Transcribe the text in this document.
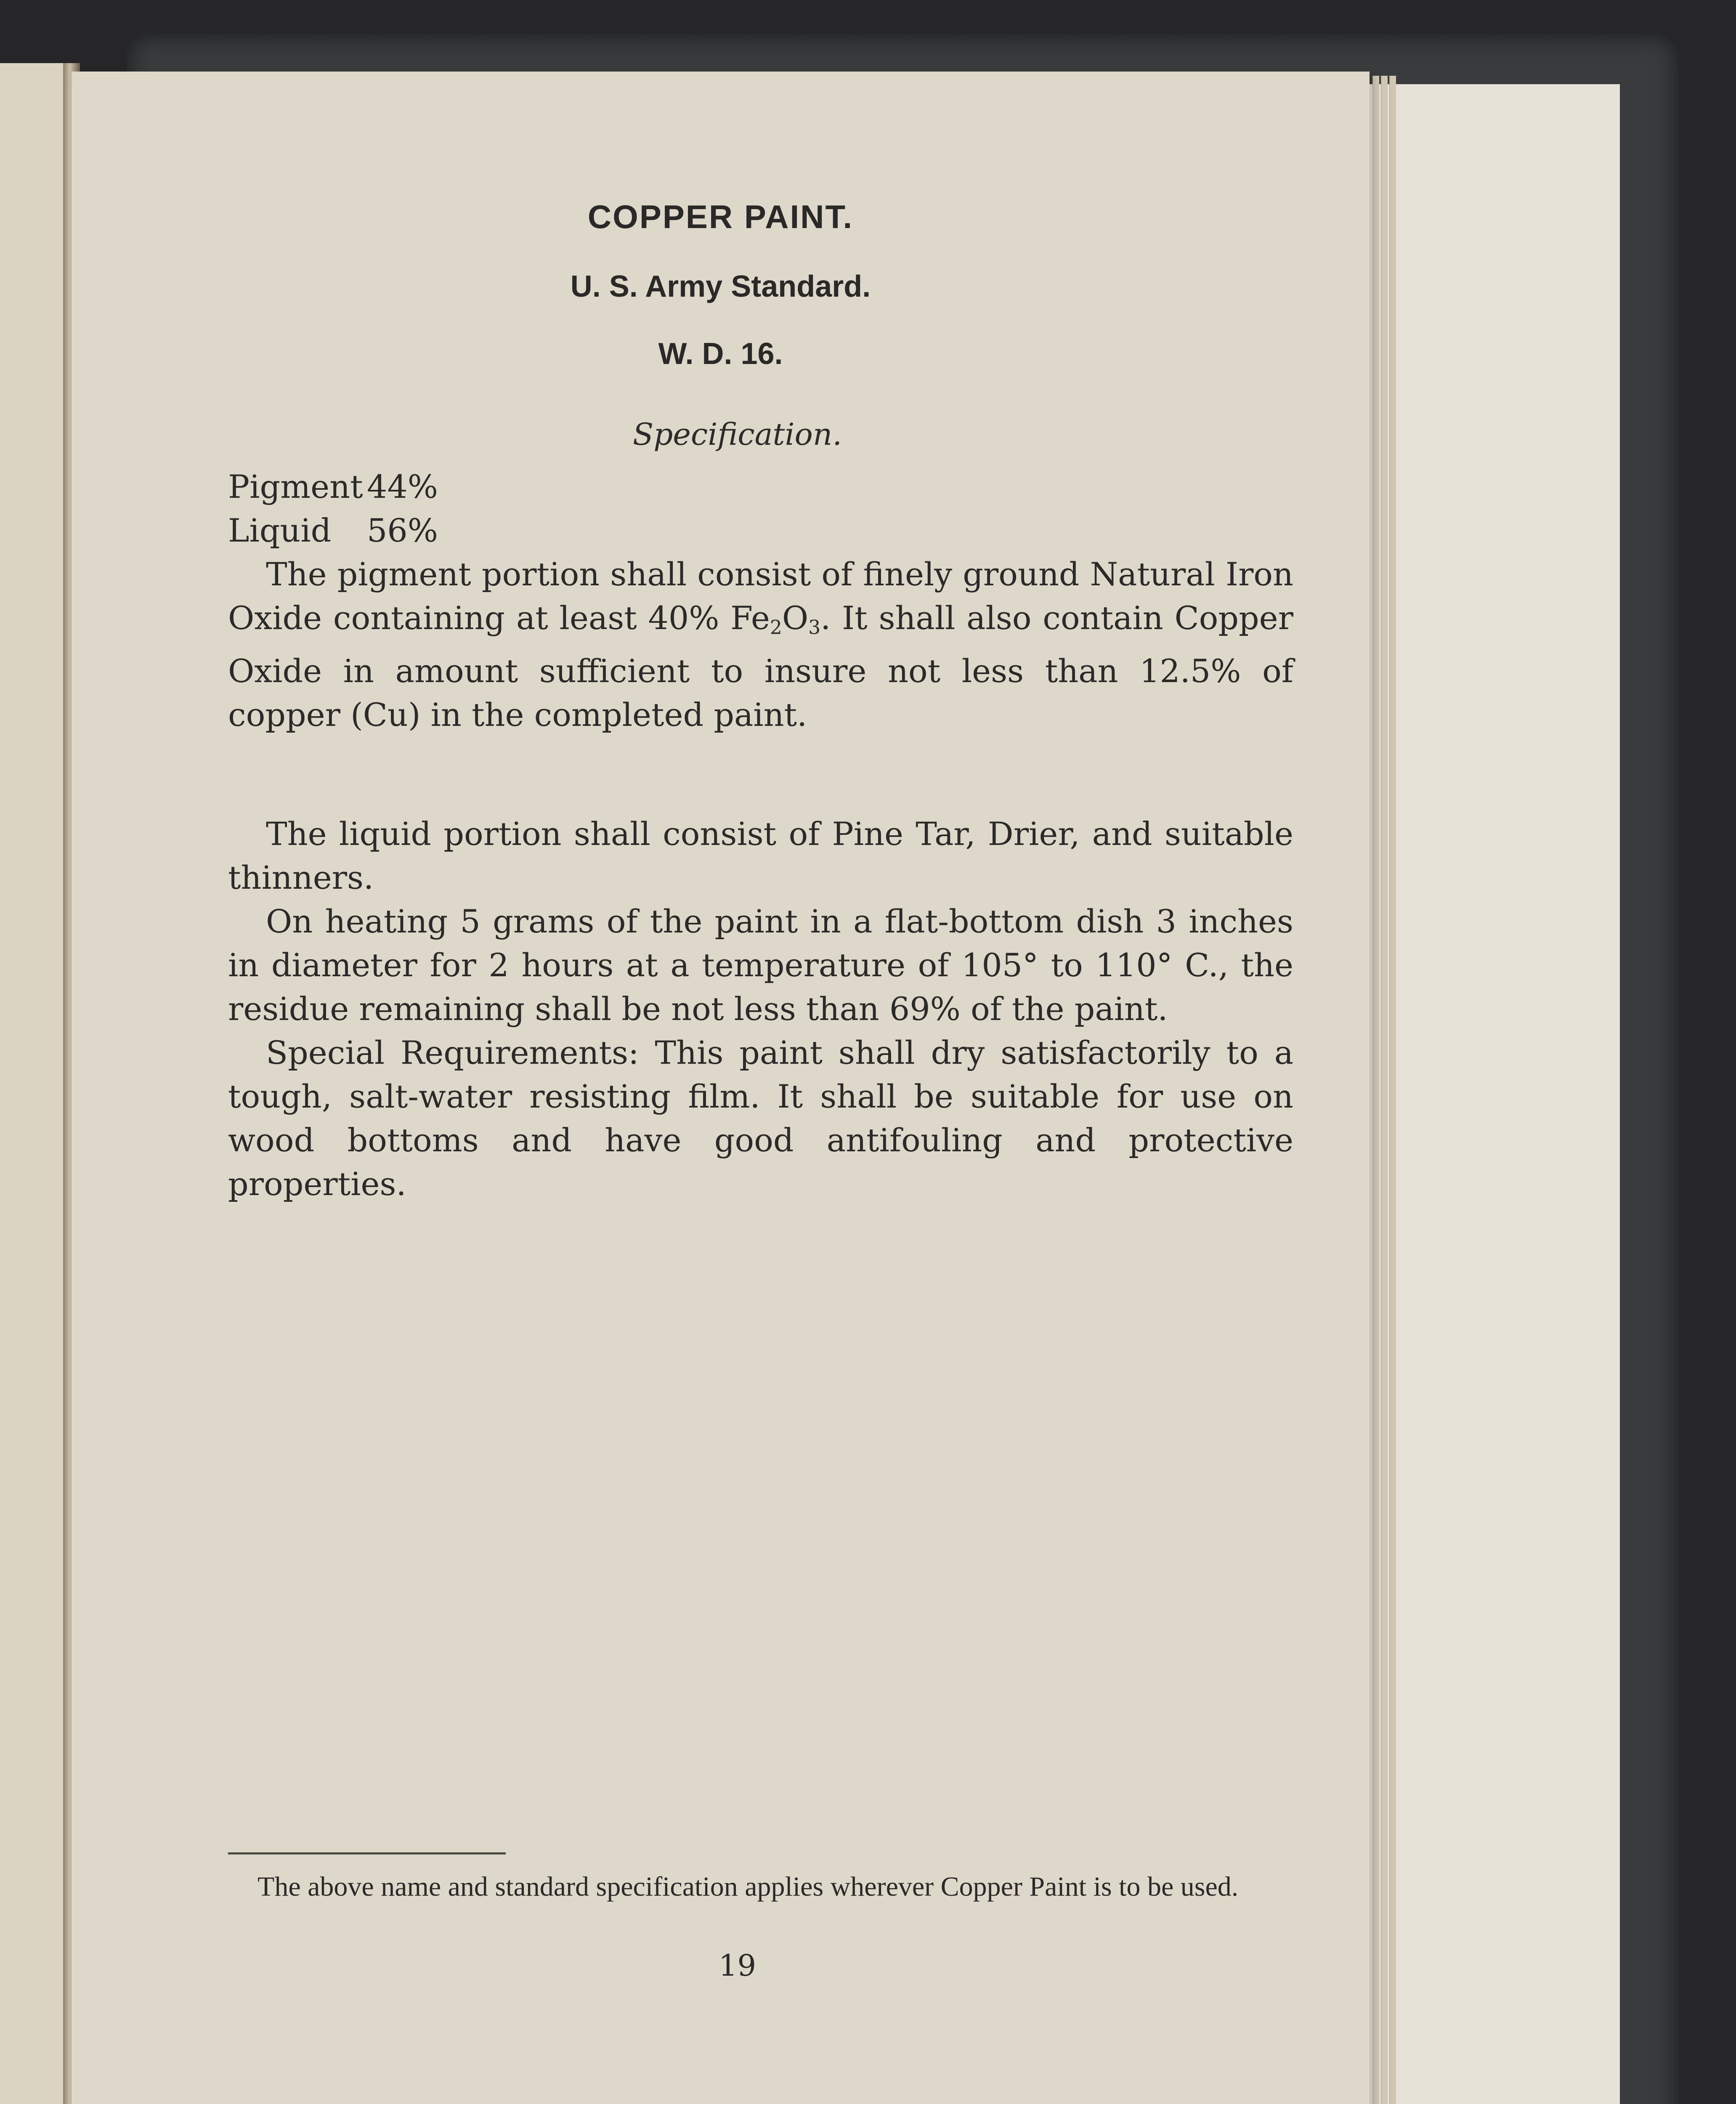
COPPER PAINT.
U. S. Army Standard.
W. D. 16.
Specification.
Pigment 44%
Liquid	56%

The pigment portion shall consist of finely ground Natural Iron Oxide containing at least 40% $Fe_2O_3$. It shall also contain Copper Oxide in amount sufficient to insure not less than 12.5% of copper (Cu) in the completed paint.

The liquid portion shall consist of Pine Tar, Drier, and suitable thinners.

On heating 5 grams of the paint in a flat-bottom dish 3 inches in diameter for 2 hours at a temperature of 105° to 110° C., the residue remaining shall be not less than 69% of the paint.

Special Requirements: This paint shall dry satisfactorily to a tough, salt-water resisting film. It shall be suitable for use on wood bottoms and have good antifouling and protective properties.

The above name and standard specification applies wherever Copper Paint is to be used.

19
